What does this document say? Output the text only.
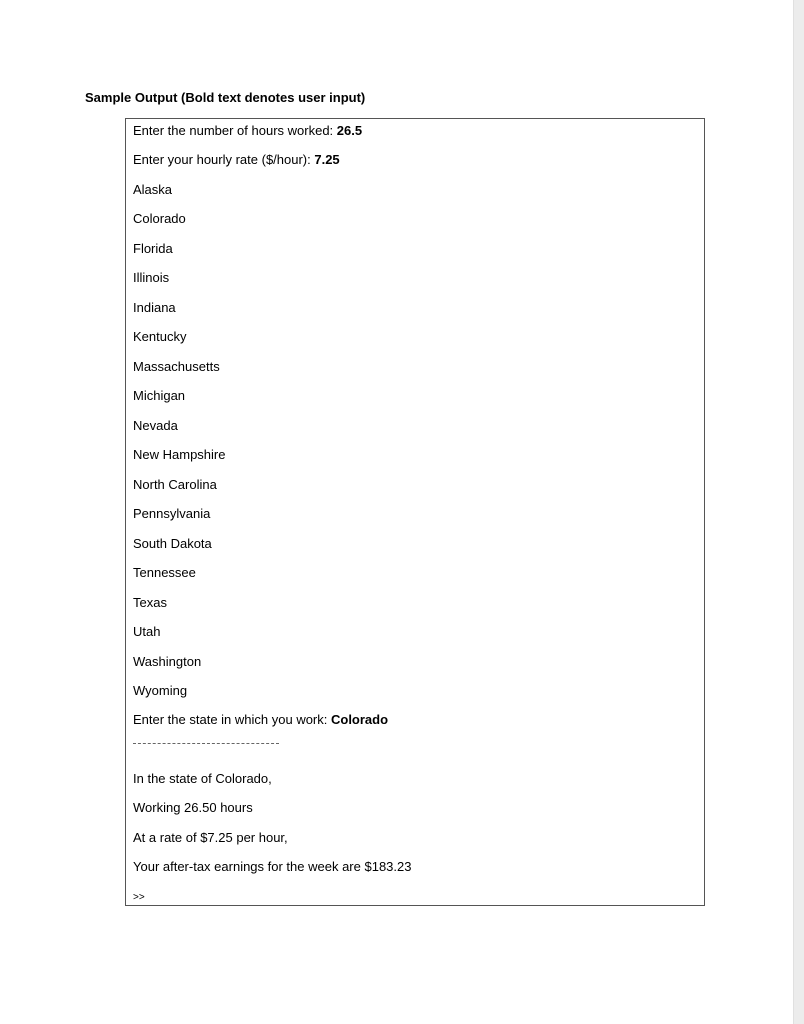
Sample Output (Bold text denotes user input)
Enter the number of hours worked: 26.5
Enter your hourly rate ($/hour): 7.25
Alaska
Colorado
Florida
Illinois
Indiana
Kentucky
Massachusetts
Michigan
Nevada
New Hampshire
North Carolina
Pennsylvania
South Dakota
Tennessee
Texas
Utah
Washington
Wyoming
Enter the state in which you work: Colorado
In the state of Colorado,
Working 26.50 hours
At a rate of $7.25 per hour,
Your after-tax earnings for the week are $183.23
>>
